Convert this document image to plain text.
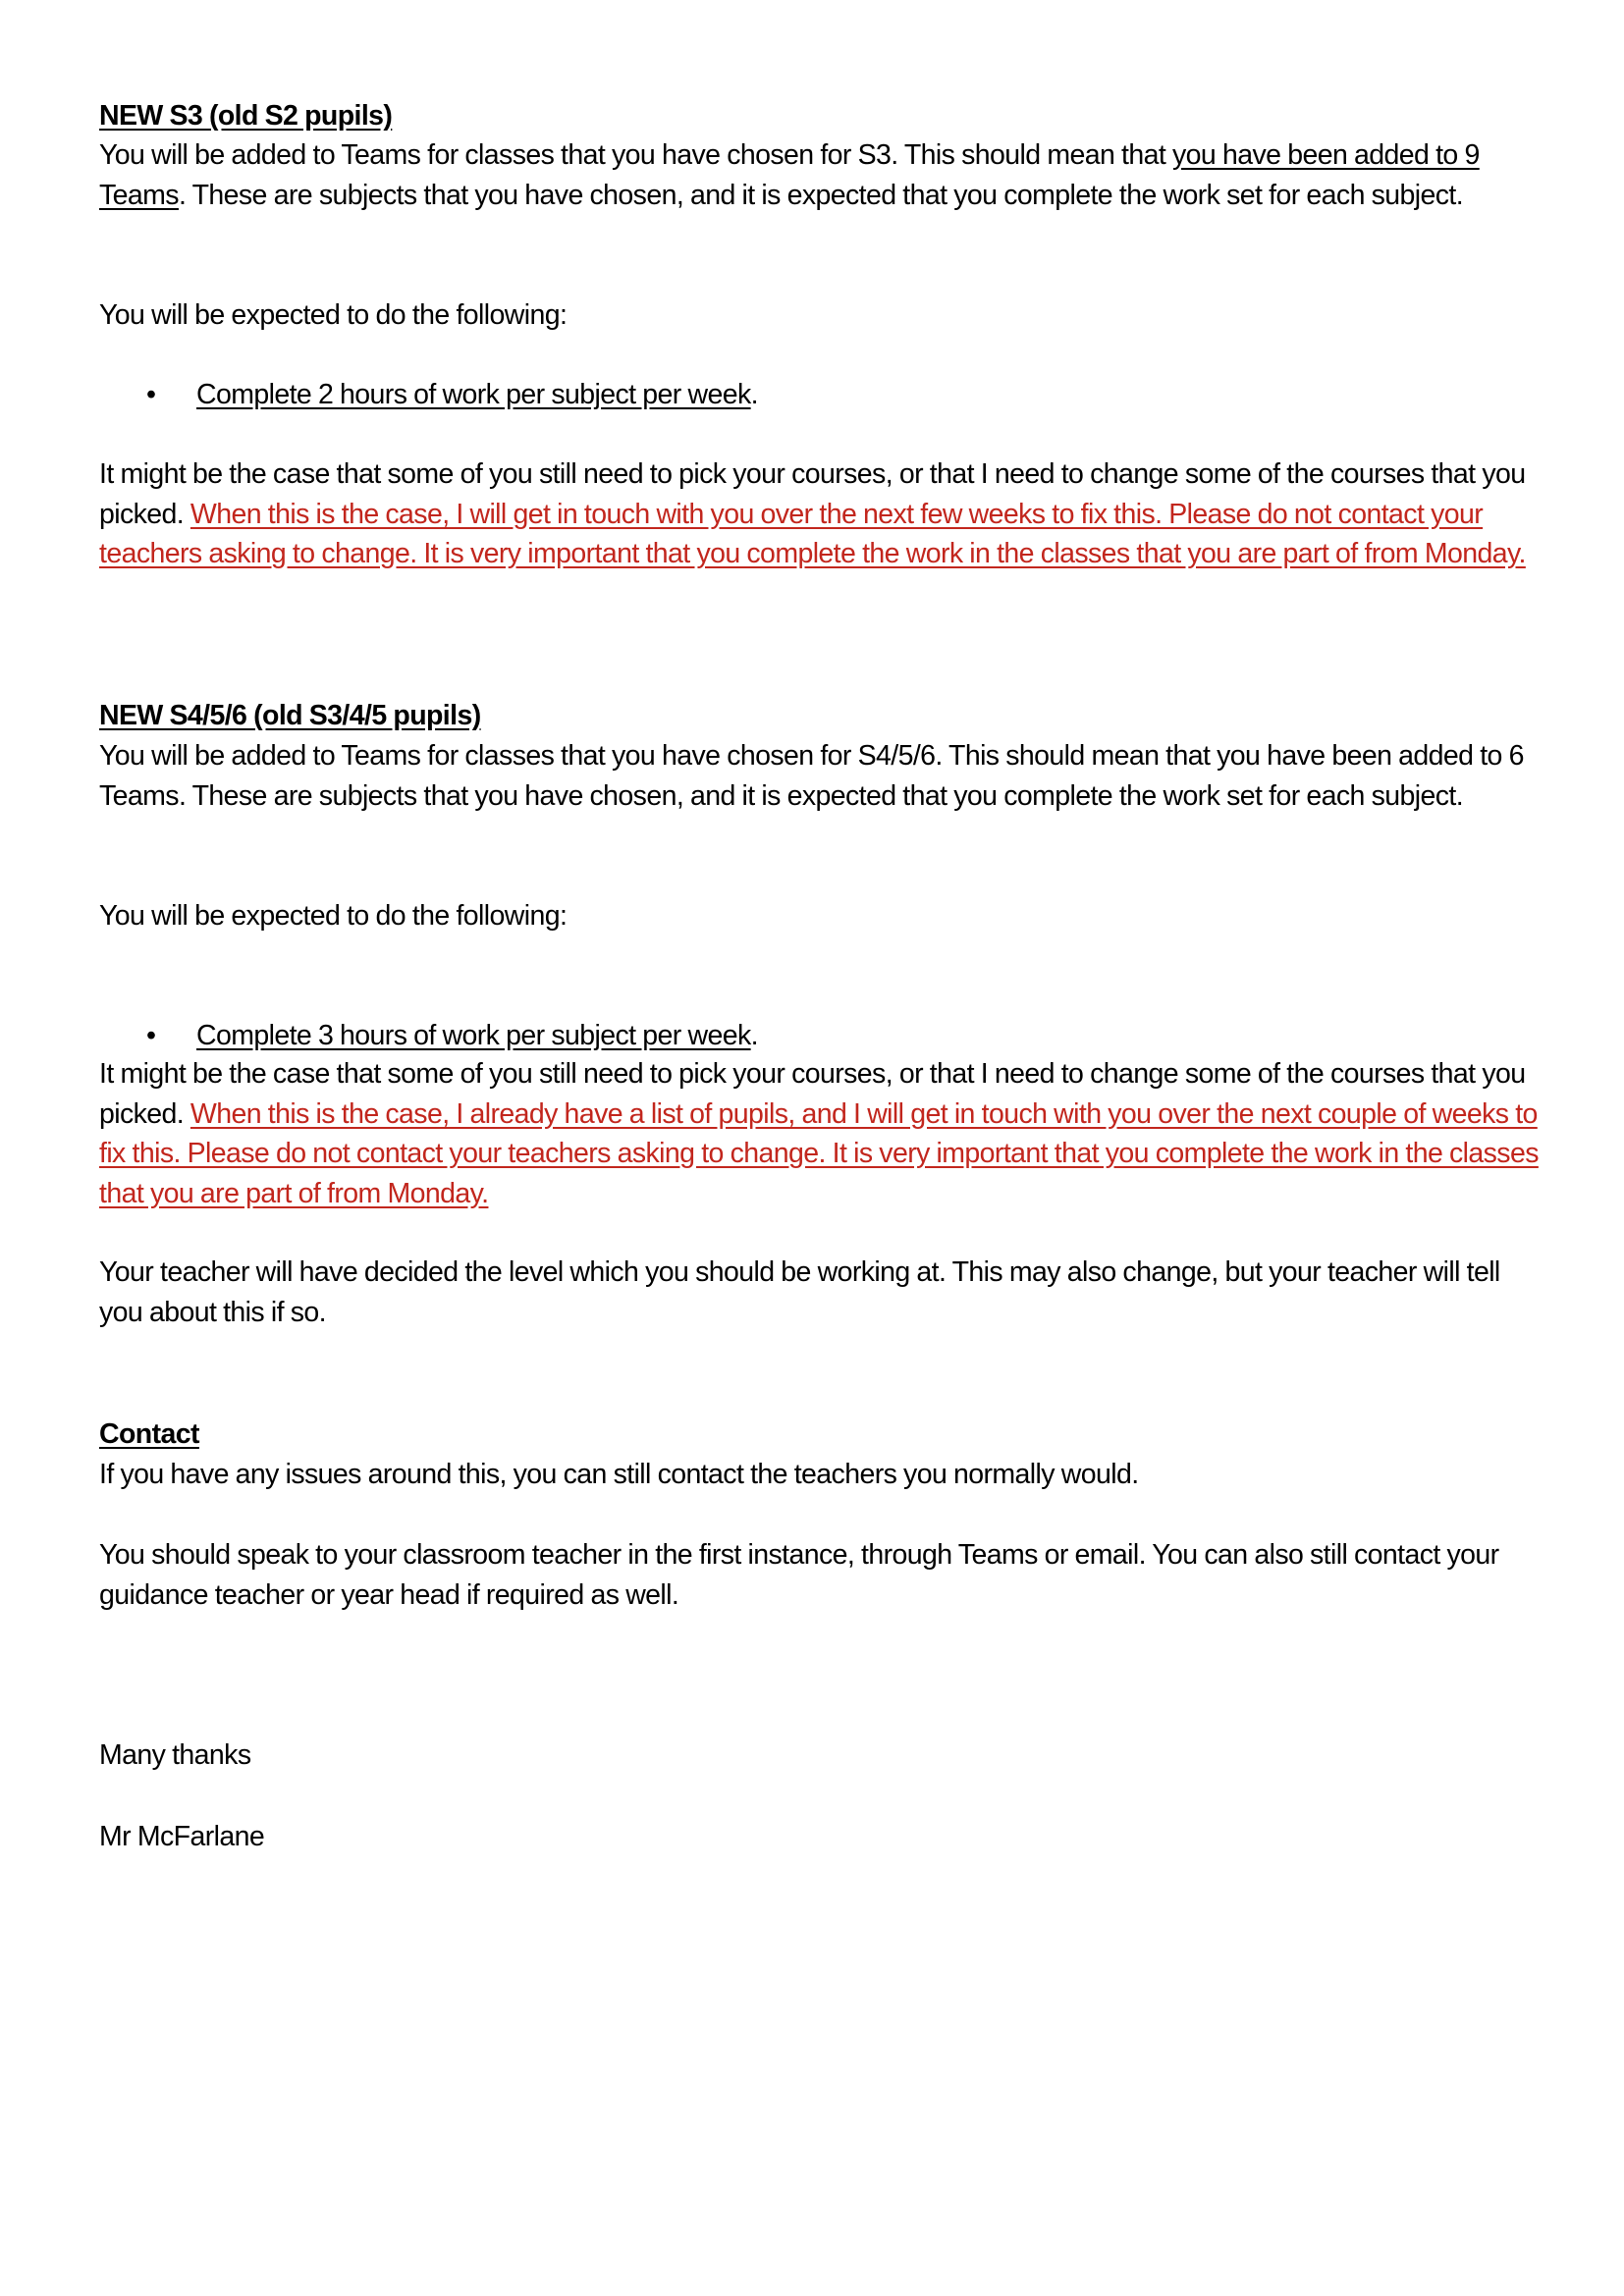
NEW S3 (old S2 pupils)

You will be added to Teams for classes that you have chosen for S3. This should mean that you have been added to 9 Teams. These are subjects that you have chosen, and it is expected that you complete the work set for each subject.

You will be expected to do the following:

• Complete 2 hours of work per subject per week.

It might be the case that some of you still need to pick your courses, or that I need to change some of the courses that you picked. When this is the case, I will get in touch with you over the next few weeks to fix this. Please do not contact your teachers asking to change. It is very important that you complete the work in the classes that you are part of from Monday.

NEW S4/5/6 (old S3/4/5 pupils)

You will be added to Teams for classes that you have chosen for S4/5/6. This should mean that you have been added to 6 Teams. These are subjects that you have chosen, and it is expected that you complete the work set for each subject.

You will be expected to do the following:

• Complete 3 hours of work per subject per week.

It might be the case that some of you still need to pick your courses, or that I need to change some of the courses that you picked. When this is the case, I already have a list of pupils, and I will get in touch with you over the next couple of weeks to fix this. Please do not contact your teachers asking to change. It is very important that you complete the work in the classes that you are part of from Monday.

Your teacher will have decided the level which you should be working at. This may also change, but your teacher will tell you about this if so.

Contact

If you have any issues around this, you can still contact the teachers you normally would.

You should speak to your classroom teacher in the first instance, through Teams or email. You can also still contact your guidance teacher or year head if required as well.

Many thanks

Mr McFarlane
